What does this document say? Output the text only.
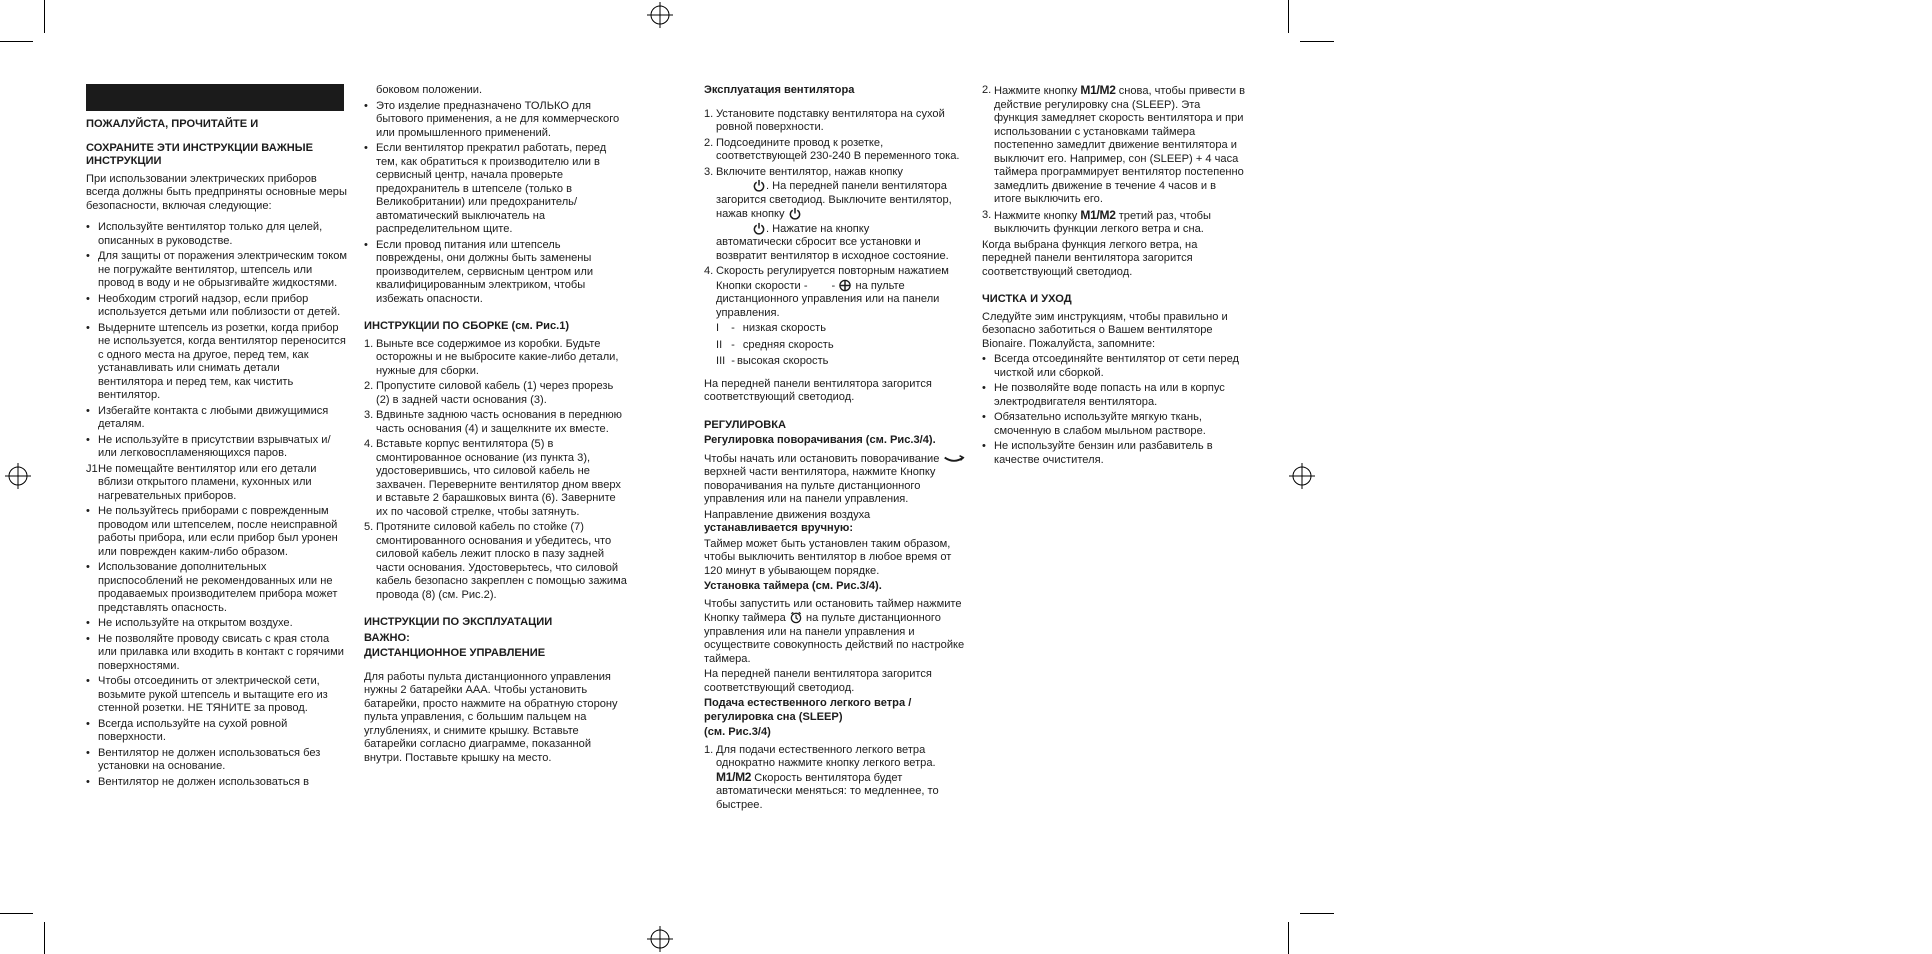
ПОЖАЛУЙСТА, ПРОЧИТАЙТЕ И
СОХРАНИТЕ ЭТИ ИНСТРУКЦИИ ВАЖНЫЕ ИНСТРУКЦИИ

При использовании электрических приборов всегда должны быть предприняты основные меры безопасности, включая следующие:

• Используйте вентилятор только для целей, описанных в руководстве.
• Для защиты от поражения электрическим током не погружайте вентилятор, штепсель или провод в воду и не обрызгивайте жидкостями.
• Необходим строгий надзор, если прибор используется детьми или поблизости от детей.
• Выдерните штепсель из розетки, когда прибор не используется, когда вентилятор переносится с одного места на другое, перед тем, как устанавливать или снимать детали вентилятора и перед тем, как чистить вентилятор.
• Избегайте контакта с любыми движущимися деталям.
• Не используйте в присутствии взрывчатых и/или легковоспламеняющихся паров.
J1 Не помещайте вентилятор или его детали вблизи открытого пламени, кухонных или нагревательных приборов.
• Не пользуйтесь приборами с поврежденным проводом или штепселем, после неисправной работы прибора, или если прибор был уронен или поврежден каким-либо образом.
• Использование дополнительных приспособлений не рекомендованных или не продаваемых производителем прибора может представлять опасность.
• Не используйте на открытом воздухе.
• Не позволяйте проводу свисать с края стола или прилавка или входить в контакт с горячими поверхностями.
• Чтобы отсоединить от электрической сети, возьмите рукой штепсель и вытащите его из стенной розетки. НЕ ТЯНИТЕ за провод.
• Всегда используйте на сухой ровной поверхности.
• Вентилятор не должен использоваться без установки на основание.
• Вентилятор не должен использоваться в

боковом положении.

• Это изделие предназначено ТОЛЬКО для бытового применения, а не для коммерческого или промышленного применений.
• Если вентилятор прекратил работать, перед тем, как обратиться к производителю или в сервисный центр, начала проверьте предохранитель в штепселе (только в Великобритании) или предохранитель/автоматический выключатель на распределительном щите.
• Если провод питания или штепсель повреждены, они должны быть заменены производителем, сервисным центром или квалифицированным электриком, чтобы избежать опасности.
ИНСТРУКЦИИ ПО СБОРКЕ (см. Рис.1)
1. Выньте все содержимое из коробки. Будьте осторожны и не выбросите какие-либо детали, нужные для сборки.
2. Пропустите силовой кабель (1) через прорезь (2) в задней части основания (3).
3. Вдвиньте заднюю часть основания в переднюю часть основания (4) и защелкните их вместе.
4. Вставьте корпус вентилятора (5) в смонтированное основание (из пункта 3), удостоверившись, что силовой кабель не захвачен. Переверните вентилятор дном вверх и вставьте 2 барашковых винта (6). Заверните их по часовой стрелке, чтобы затянуть.
5. Протяните силовой кабель по стойке (7) смонтированного основания и убедитесь, что силовой кабель лежит плоско в пазу задней части основания. Удостоверьтесь, что силовой кабель безопасно закреплен с помощью зажима провода (8) (см. Рис.2).
ИНСТРУКЦИИ ПО ЭКСПЛУАТАЦИИ
ВАЖНО:
ДИСТАНЦИОННОЕ УПРАВЛЕНИЕ

Для работы пульта дистанционного управления нужны 2 батарейки ААА. Чтобы установить батарейки, просто нажмите на обратную сторону пульта управления, с большим пальцем на углублениях, и снимите крышку. Вставьте батарейки согласно диаграмме, показанной внутри. Поставьте крышку на место.

Эксплуатация вентилятора
1. Установите подставку вентилятора на сухой ровной поверхности.
2. Подсоедините провод к розетке, соответствующей 230-240 В переменного тока.
3. Включите вентилятор, нажав кнопку
. На передней панели вентилятора загорится светодиод. Выключите вентилятор, нажав кнопку
. Нажатие на кнопку
автоматически сбросит все установки и возвратит вентилятор в исходное состояние.
4. Скорость регулируется повторным нажатием Кнопки скорости - - на пульте дистанционного управления или на панели управления.
I - низкая скорость
II - средняя скорость
III - высокая скорость

На передней панели вентилятора загорится соответствующий светодиод.

РЕГУЛИРОВКА
Регулировка поворачивания (см. Рис.3/4).

Чтобы начать или остановить поворачивание  верхней части вентилятора, нажмите Кнопку поворачивания на пульте дистанционного управления или на панели управления.

Направление движения воздуха

устанавливается вручную:

Таймер может быть установлен таким образом, чтобы выключить вентилятор в любое время от 120 минут в убывающем порядке.

Установка таймера (см. Рис.3/4).

Чтобы запустить или остановить таймер нажмите Кнопку таймера на пульте дистанционного управления или на панели управления и осуществите совокупность действий по настройке таймера.

На передней панели вентилятора загорится соответствующий светодиод.

Подача естественного легкого ветра /регулировка сна (SLEEP)
(см. Рис.3/4)
1. Для подачи естественного легкого ветра однократно нажмите кнопку легкого ветра. M1/M2 Скорость вентилятора будет автоматически меняться: то медленнее, то быстрее.
2. Нажмите кнопку M1/M2 снова, чтобы привести в действие регулировку сна (SLEEP). Эта функция замедляет скорость вентилятора и при использовании с установками таймера постепенно замедлит движение вентилятора и выключит его. Например, сон (SLEEP) + 4 часа таймера программирует вентилятор постепенно замедлить движение в течение 4 часов и в итоге выключить его.
3. Нажмите кнопку M1/M2 третий раз, чтобы выключить функции легкого ветра и сна.

Когда выбрана функция легкого ветра, на передней панели вентилятора загорится соответствующий светодиод.

ЧИСТКА И УХОД

Следуйте эим инструкциям, чтобы правильно и безопасно заботиться о Вашем вентиляторе Bionaire. Пожалуйста, запомните:

• Всегда отсоединяйте вентилятор от сети перед чисткой или сборкой.
• Не позволяйте воде попасть на или в корпус электродвигателя вентилятора.
• Обязательно используйте мягкую ткань, смоченную в слабом мыльном растворе.
• Не используйте бензин или разбавитель в качестве очистителя.
